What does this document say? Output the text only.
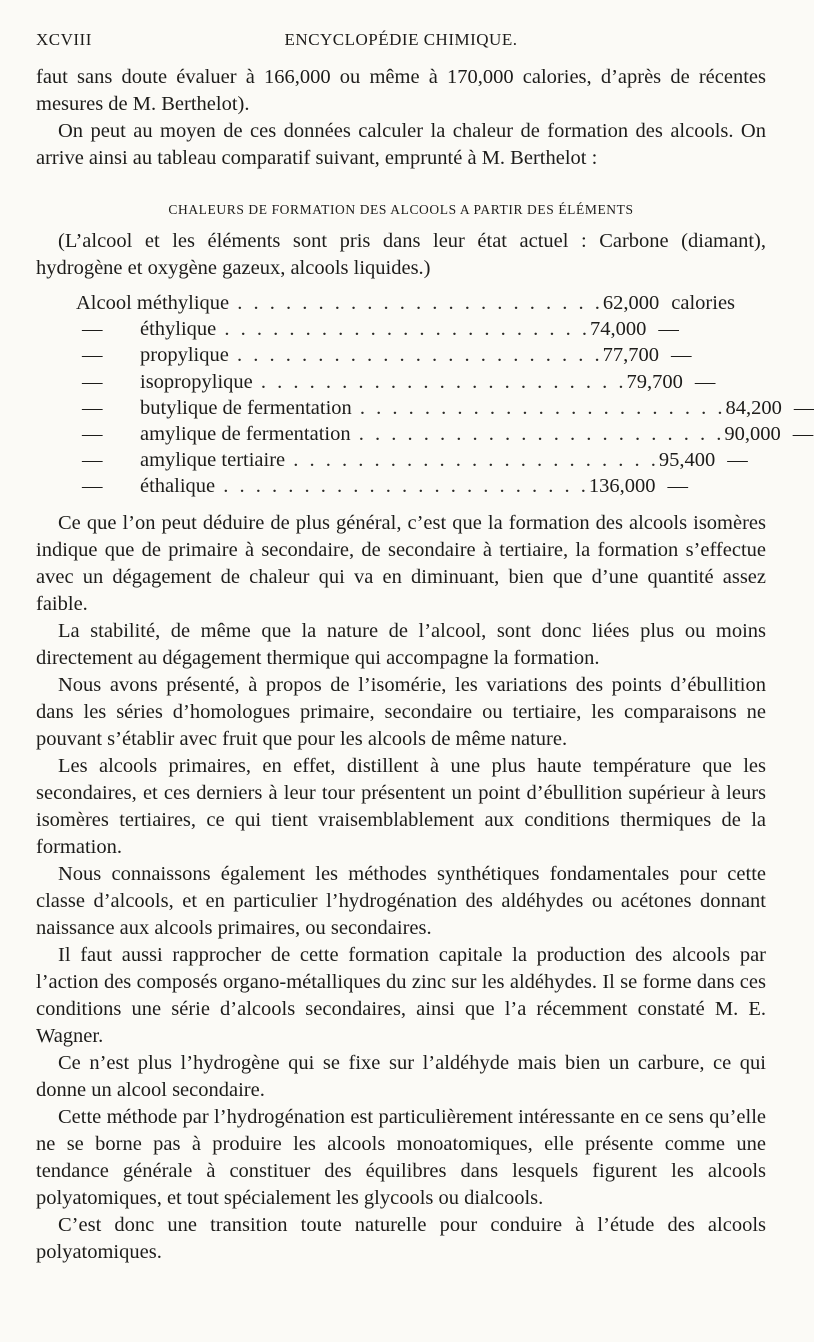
XCVIII	ENCYCLOPÉDIE CHIMIQUE.

faut sans doute évaluer à 166,000 ou même à 170,000 calories, d’après de récentes mesures de M. Berthelot).

On peut au moyen de ces données calculer la chaleur de formation des alcools. On arrive ainsi au tableau comparatif suivant, emprunté à M. Berthelot :

CHALEURS DE FORMATION DES ALCOOLS A PARTIR DES ÉLÉMENTS
(L’alcool et les éléments sont pris dans leur état actuel : Carbone (diamant), hydrogène et oxygène gazeux, alcools liquides.)
Alcool méthylique . . . . . . . . . . . . . . . . . . . . . . . 62,000 calories
— éthylique . . . . . . . . . . . . . . . . . . . . . . . 74,000 —
— propylique . . . . . . . . . . . . . . . . . . . . . . . 77,700 —
— isopropylique . . . . . . . . . . . . . . . . . . . . . . . 79,700 —
— butylique de fermentation . . . . . . . . . . . . . . . . . . . . . . . 84,200 —
— amylique de fermentation . . . . . . . . . . . . . . . . . . . . . . . 90,000 —
— amylique tertiaire . . . . . . . . . . . . . . . . . . . . . . . 95,400 —
— éthalique . . . . . . . . . . . . . . . . . . . . . . . 136,000 —

Ce que l’on peut déduire de plus général, c’est que la formation des alcools isomères indique que de primaire à secondaire, de secondaire à tertiaire, la formation s’effectue avec un dégagement de chaleur qui va en diminuant, bien que d’une quantité assez faible.

La stabilité, de même que la nature de l’alcool, sont donc liées plus ou moins directement au dégagement thermique qui accompagne la formation.

Nous avons présenté, à propos de l’isomérie, les variations des points d’ébullition dans les séries d’homologues primaire, secondaire ou tertiaire, les comparaisons ne pouvant s’établir avec fruit que pour les alcools de même nature.

Les alcools primaires, en effet, distillent à une plus haute température que les secondaires, et ces derniers à leur tour présentent un point d’ébullition supérieur à leurs isomères tertiaires, ce qui tient vraisemblablement aux conditions thermiques de la formation.

Nous connaissons également les méthodes synthétiques fondamentales pour cette classe d’alcools, et en particulier l’hydrogénation des aldéhydes ou acétones donnant naissance aux alcools primaires, ou secondaires.

Il faut aussi rapprocher de cette formation capitale la production des alcools par l’action des composés organo-métalliques du zinc sur les aldéhydes. Il se forme dans ces conditions une série d’alcools secondaires, ainsi que l’a récemment constaté M. E. Wagner.

Ce n’est plus l’hydrogène qui se fixe sur l’aldéhyde mais bien un carbure, ce qui donne un alcool secondaire.

Cette méthode par l’hydrogénation est particulièrement intéressante en ce sens qu’elle ne se borne pas à produire les alcools monoatomiques, elle présente comme une tendance générale à constituer des équilibres dans lesquels figurent les alcools polyatomiques, et tout spécialement les glycools ou dialcools.

C’est donc une transition toute naturelle pour conduire à l’étude des alcools polyatomiques.
